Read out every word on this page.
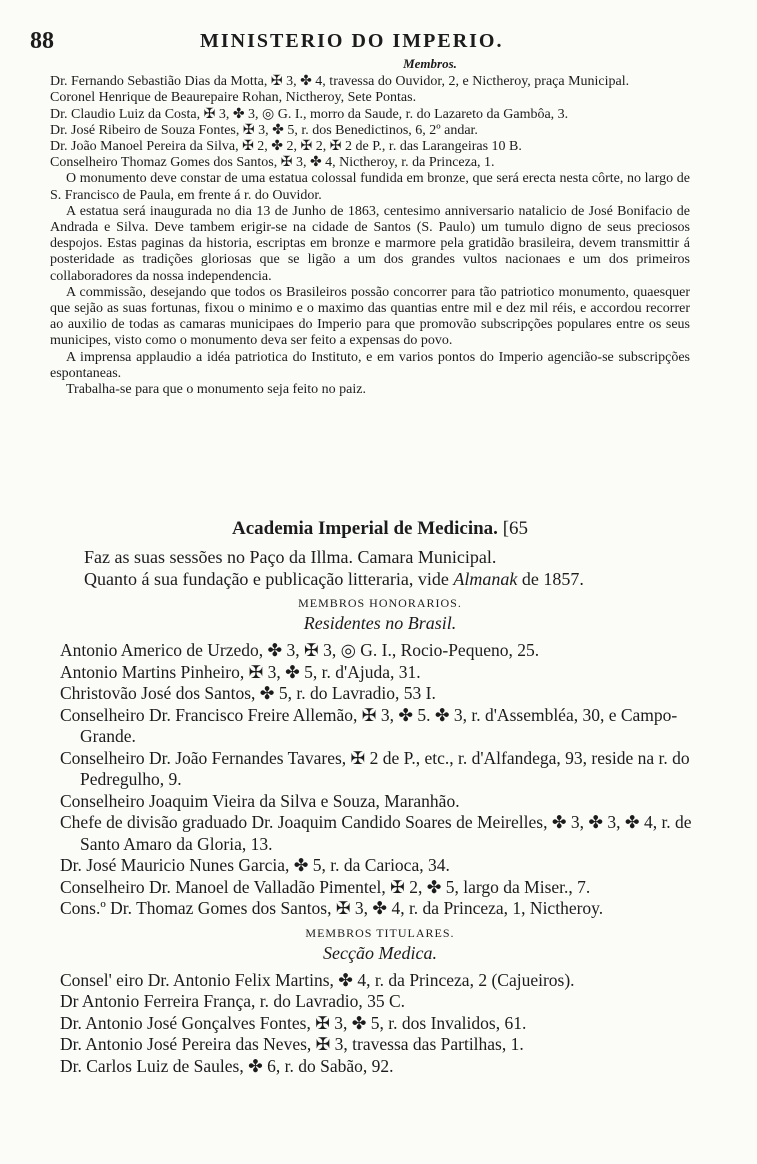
88	MINISTERIO DO IMPERIO.
Membros.

Dr. Fernando Sebastião Dias da Motta, ✠ 3, ✤ 4, travessa do Ouvidor, 2, e Nictheroy, praça Municipal.

Coronel Henrique de Beaurepaire Rohan, Nictheroy, Sete Pontas.

Dr. Claudio Luiz da Costa, ✠ 3, ✤ 3, ◎ G. I., morro da Saude, r. do Lazareto da Gambôa, 3.

Dr. José Ribeiro de Souza Fontes, ✠ 3, ✤ 5, r. dos Benedictinos, 6, 2º andar.

Dr. João Manoel Pereira da Silva, ✠ 2, ✤ 2, ✠ 2, ✠ 2 de P., r. das Larangeiras 10 B.

Conselheiro Thomaz Gomes dos Santos, ✠ 3, ✤ 4, Nictheroy, r. da Princeza, 1.

O monumento deve constar de uma estatua colossal fundida em bronze, que será erecta nesta côrte, no largo de S. Francisco de Paula, em frente á r. do Ouvidor.

A estatua será inaugurada no dia 13 de Junho de 1863, centesimo anniversario natalicio de José Bonifacio de Andrada e Silva. Deve tambem erigir-se na cidade de Santos (S. Paulo) um tumulo digno de seus preciosos despojos. Estas paginas da historia, escriptas em bronze e marmore pela gratidão brasileira, devem transmittir á posteridade as tradições gloriosas que se ligão a um dos grandes vultos nacionaes e um dos primeiros collaboradores da nossa independencia.

A commissão, desejando que todos os Brasileiros possão concorrer para tão patriotico monumento, quaesquer que sejão as suas fortunas, fixou o minimo e o maximo das quantias entre mil e dez mil réis, e accordou recorrer ao auxilio de todas as camaras municipaes do Imperio para que promovão subscripções populares entre os seus municipes, visto como o monumento deva ser feito a expensas do povo.

A imprensa applaudio a idéa patriotica do Instituto, e em varios pontos do Imperio agencião-se subscripções espontaneas.

Trabalha-se para que o monumento seja feito no paiz.

Academia Imperial de Medicina. [65

Faz as suas sessões no Paço da Illma. Camara Municipal.

Quanto á sua fundação e publicação litteraria, vide Almanak de 1857.

MEMBROS HONORARIOS.
Residentes no Brasil.

Antonio Americo de Urzedo, ✤ 3, ✠ 3, ◎ G. I., Rocio-Pequeno, 25.

Antonio Martins Pinheiro, ✠ 3, ✤ 5, r. d'Ajuda, 31.

Christovão José dos Santos, ✤ 5, r. do Lavradio, 53 I.

Conselheiro Dr. Francisco Freire Allemão, ✠ 3, ✤ 5. ✤ 3, r. d'Assembléa, 30, e Campo-Grande.

Conselheiro Dr. João Fernandes Tavares, ✠ 2 de P., etc., r. d'Alfandega, 93, reside na r. do Pedregulho, 9.

Conselheiro Joaquim Vieira da Silva e Souza, Maranhão.

Chefe de divisão graduado Dr. Joaquim Candido Soares de Meirelles, ✤ 3, ✤ 3, ✤ 4, r. de Santo Amaro da Gloria, 13.

Dr. José Mauricio Nunes Garcia, ✤ 5, r. da Carioca, 34.

Conselheiro Dr. Manoel de Valladão Pimentel, ✠ 2, ✤ 5, largo da Miser., 7.

Cons.º Dr. Thomaz Gomes dos Santos, ✠ 3, ✤ 4, r. da Princeza, 1, Nictheroy.

MEMBROS TITULARES.
Secção Medica.

Consel' eiro Dr. Antonio Felix Martins, ✤ 4, r. da Princeza, 2 (Cajueiros).

Dr Antonio Ferreira França, r. do Lavradio, 35 C.

Dr. Antonio José Gonçalves Fontes, ✠ 3, ✤ 5, r. dos Invalidos, 61.

Dr. Antonio José Pereira das Neves, ✠ 3, travessa das Partilhas, 1.

Dr. Carlos Luiz de Saules, ✤ 6, r. do Sabão, 92.
